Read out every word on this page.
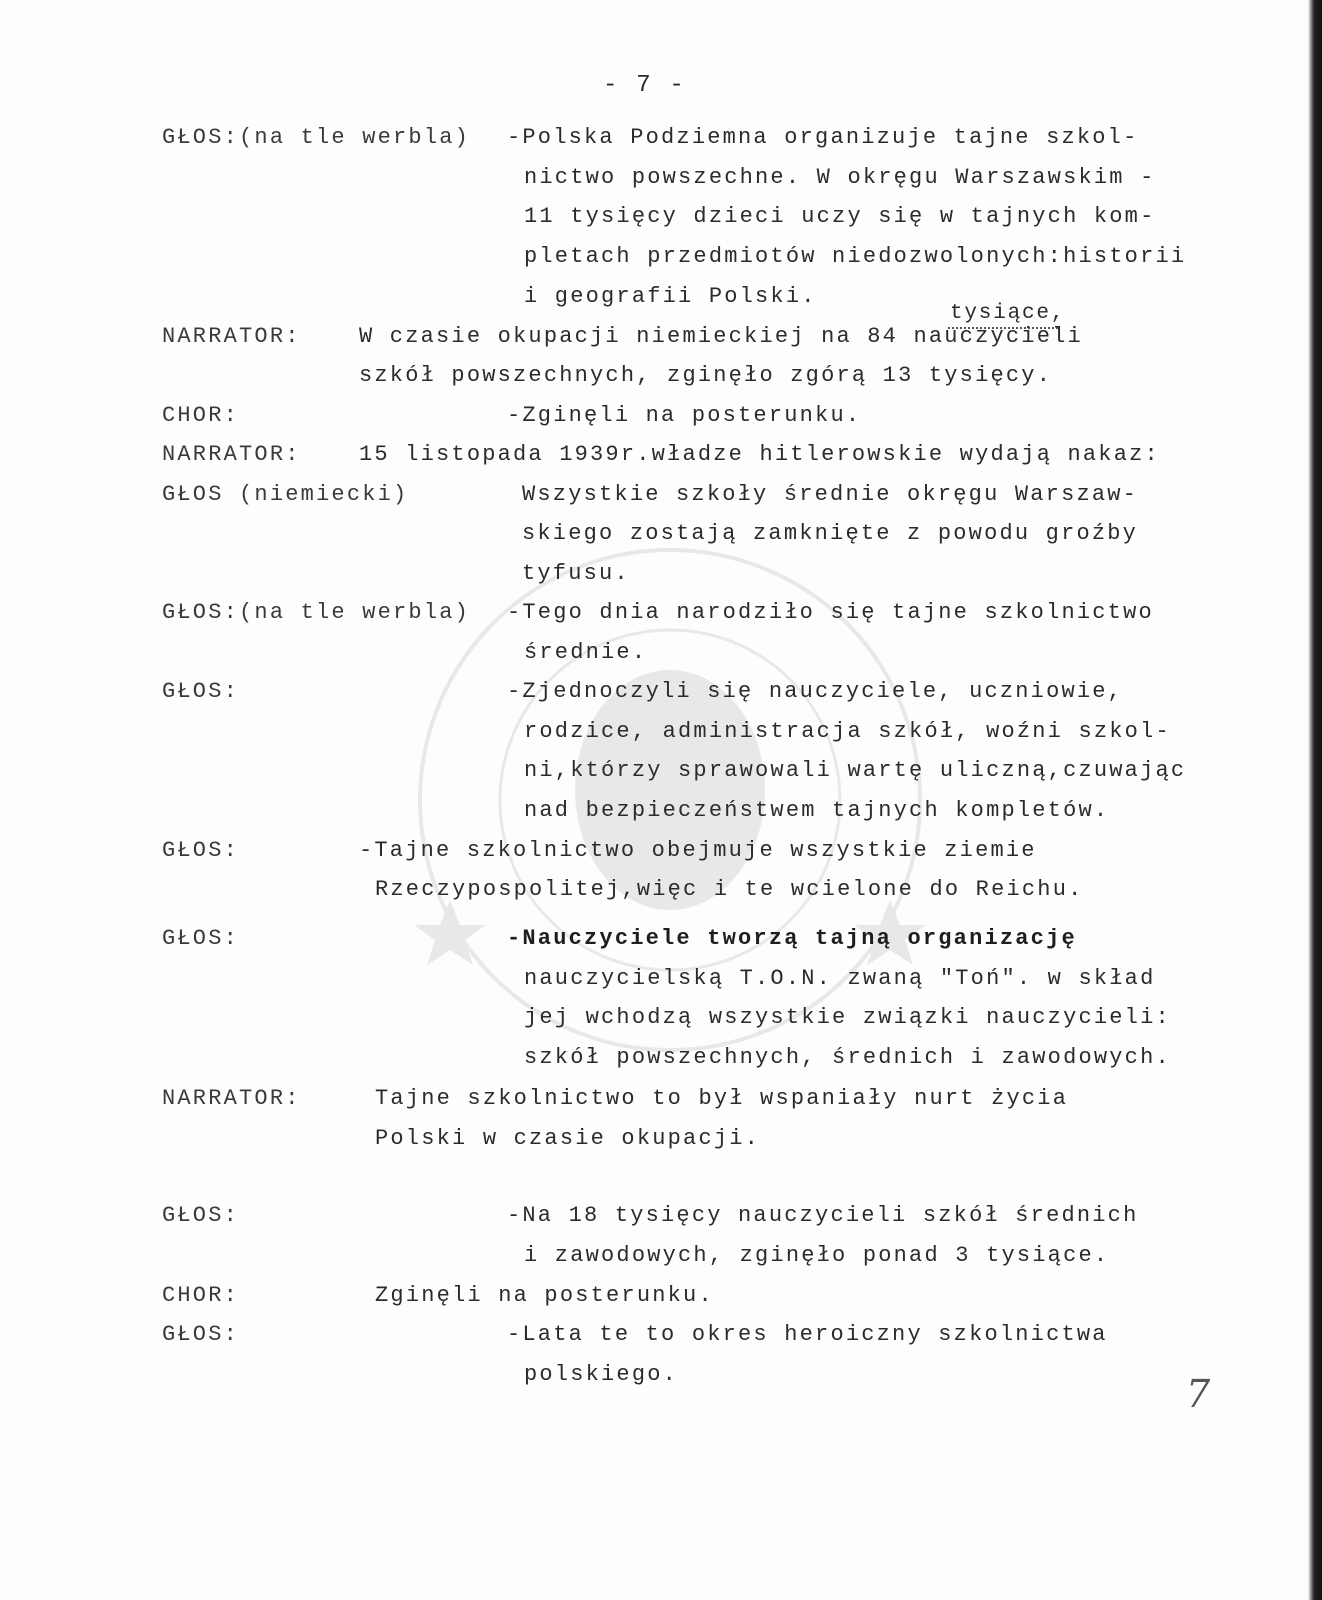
- 7 -
GŁOS:(na tle werbla) -Polska Podziemna organizuje tajne szkol-
nictwo powszechne. W okręgu Warszawskim -
11 tysięcy dzieci uczy się w tajnych kom-
pletach przedmiotów niedozwolonych:historii
i geografii Polski.
tysiące,
NARRATOR:	W czasie okupacji niemieckiej na 84 nauczycieli
szkół powszechnych, zginęło zgórą 13 tysięcy.
CHOR:	-Zginęli na posterunku.
NARRATOR:	15 listopada 1939r.władze hitlerowskie wydają nakaz:
GŁOS (niemiecki)	Wszystkie szkoły średnie okręgu Warszaw-
skiego zostają zamknięte z powodu groźby
tyfusu.
GŁOS:(na tle werbla) -Tego dnia narodziło się tajne szkolnictwo
średnie.
GŁOS:	-Zjednoczyli się nauczyciele, uczniowie,
rodzice, administracja szkół, woźni szkol-
ni,którzy sprawowali wartę uliczną,czuwając
nad bezpieczeństwem tajnych kompletów.
GŁOS:	-Tajne szkolnictwo obejmuje wszystkie ziemie
Rzeczypospolitej,więc i te wcielone do Reichu.
GŁOS:	-Nauczyciele tworzą tajną organizację
nauczycielską T.O.N. zwaną "Toń". w skład
jej wchodzą wszystkie związki nauczycieli:
szkół powszechnych, średnich i zawodowych.
NARRATOR:	Tajne szkolnictwo to był wspaniały nurt życia
Polski w czasie okupacji.
GŁOS:	-Na 18 tysięcy nauczycieli szkół średnich
i zawodowych, zginęło ponad 3 tysiące.
CHOR:	Zginęli na posterunku.
GŁOS:	-Lata te to okres heroiczny szkolnictwa
polskiego.	7
